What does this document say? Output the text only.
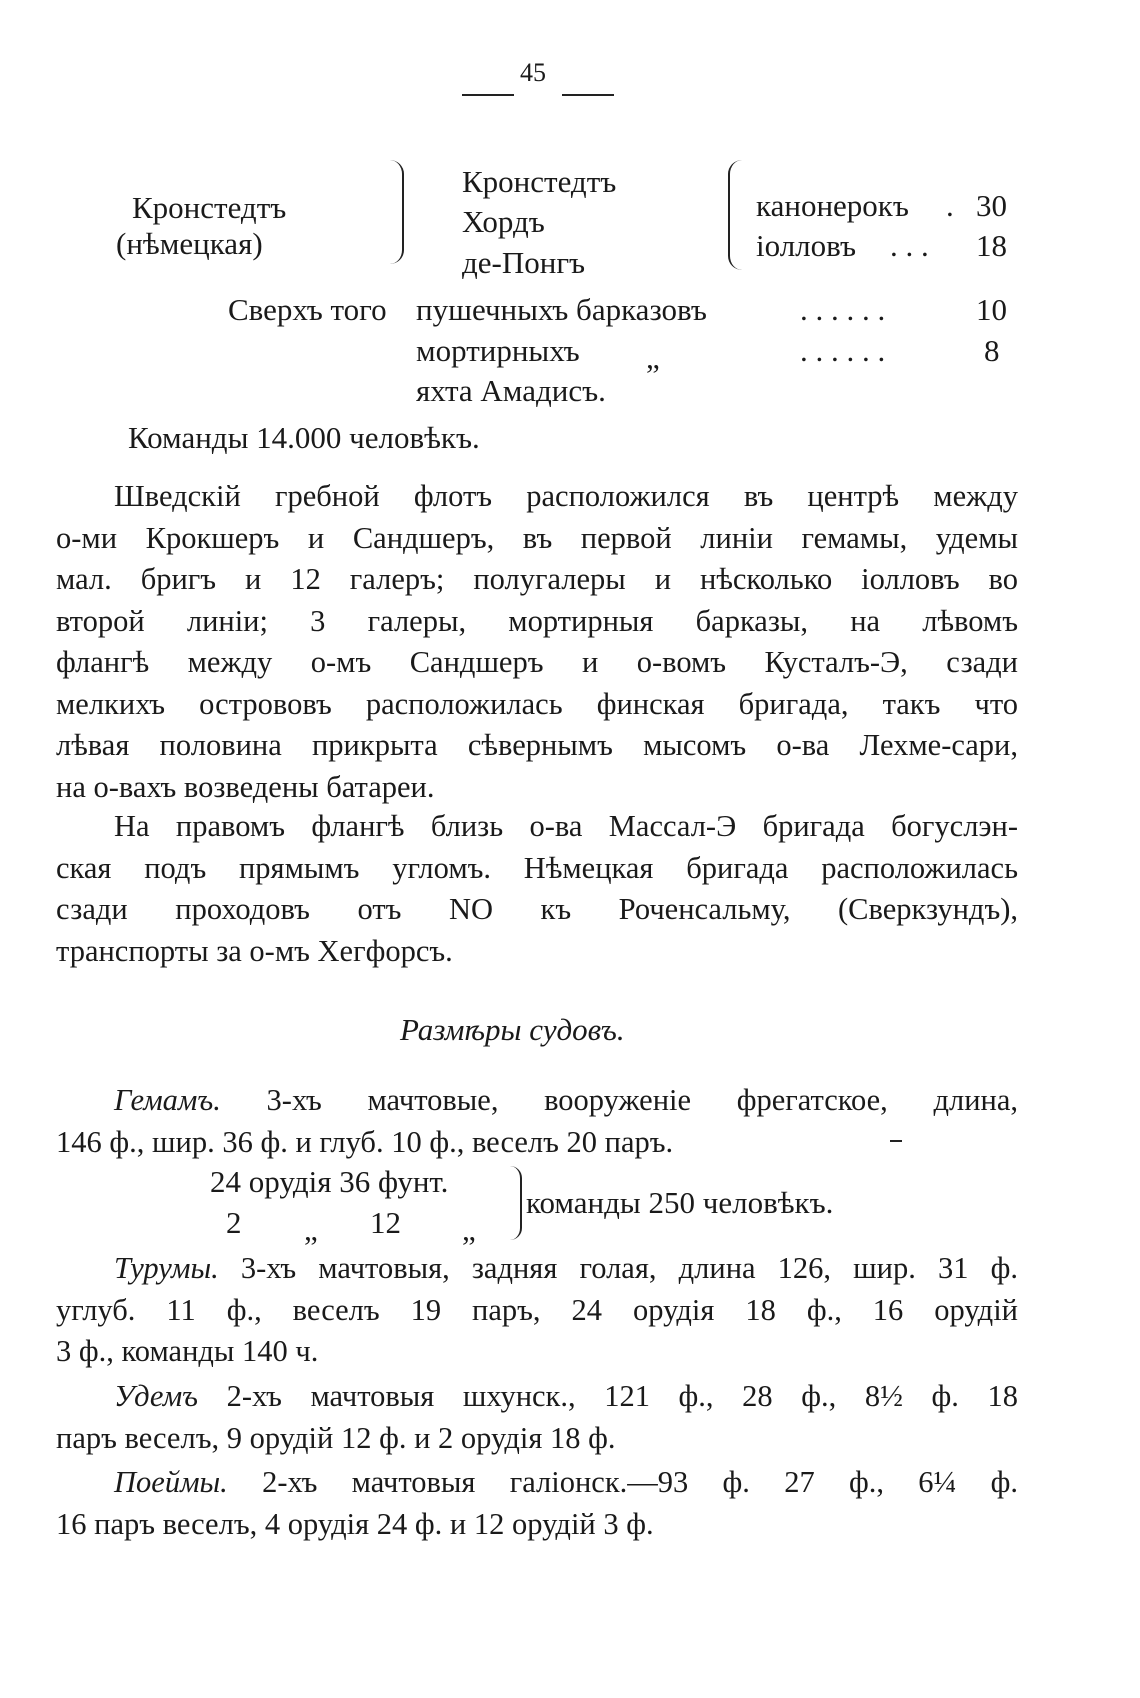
45
Кронстедтъ
(нѣмецкая)
Кронстедтъ
Хордъ
де-Понгъ
канонерокъ . 30
iолловъ . . . 18
Сверхъ того пушечныхъ барказовъ	. . . . . .	10
мортирныхъ „	. . . . . .	8
яхта Амадисъ.
Команды 14.000 человѣкъ.
Шведскiй гребной флотъ расположился въ центрѣ между
о-ми Крокшеръ и Сандшеръ, въ первой линiи гемамы, удемы
мал. бригъ и 12 галеръ; полугалеры и нѣсколько iолловъ во
второй линiи; 3 галеры, мортирныя барказы, на лѣвомъ
флангѣ между о-мъ Сандшеръ и о-вомъ Кусталъ-Э, сзади
мелкихъ острововъ расположилась финская бригада, такъ что
лѣвая половина прикрыта сѣвернымъ мысомъ о-ва Лехме-сари,
на о-вахъ возведены батареи.
На правомъ флангѣ близь о-ва Массал-Э бригада богуслэн-
ская подъ прямымъ угломъ. Нѣмецкая бригада расположилась
сзади проходовъ отъ NO къ Роченсальму, (Сверкзундъ),
транспорты за о-мъ Хегфорсъ.
Размѣры судовъ.
Гемамъ. 3-хъ мачтовые, вооруженiе фрегатское, длина,
146 ф., шир. 36 ф. и глуб. 10 ф., веселъ 20 паръ.
24 орудiя 36 фунт.
2 „ 12 „
команды 250 человѣкъ.
Турумы. 3-хъ мачтовыя, задняя голая, длина 126, шир. 31 ф.
углуб. 11 ф., веселъ 19 паръ, 24 орудiя 18 ф., 16 орудiй
3 ф., команды 140 ч.
Удемъ 2-хъ мачтовыя шхунск., 121 ф., 28 ф., 8½ ф. 18
паръ веселъ, 9 орудiй 12 ф. и 2 орудiя 18 ф.
Поеймы. 2-хъ мачтовыя галiонск.—93 ф. 27 ф., 6¼ ф.
16 паръ веселъ, 4 орудiя 24 ф. и 12 орудiй 3 ф.
